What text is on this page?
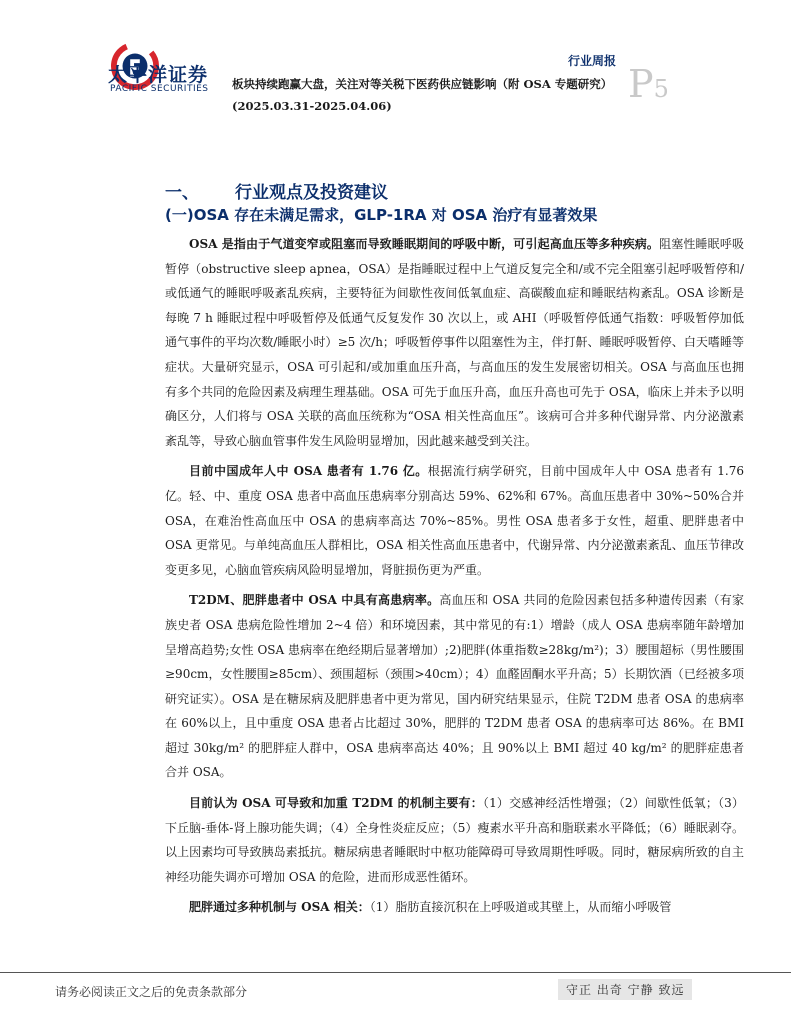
太平洋证券
PACIFIC SECURITIES
行业周报
板块持续跑赢大盘，关注对等关税下医药供应链影响（附 OSA 专题研究）(2025.03.31-2025.04.06)	P5
一、 行业观点及投资建议
(一)OSA 存在未满足需求，GLP-1RA 对 OSA 治疗有显著效果

OSA 是指由于气道变窄或阻塞而导致睡眠期间的呼吸中断，可引起高血压等多种疾病。阻塞性睡眠呼吸暂停（obstructive sleep apnea，OSA）是指睡眠过程中上气道反复完全和/或不完全阻塞引起呼吸暂停和/或低通气的睡眠呼吸紊乱疾病，主要特征为间歇性夜间低氧血症、高碳酸血症和睡眠结构紊乱。OSA 诊断是每晚 7 h 睡眠过程中呼吸暂停及低通气反复发作 30 次以上，或 AHI（呼吸暂停低通气指数：呼吸暂停加低通气事件的平均次数/睡眠小时）≥5 次/h；呼吸暂停事件以阻塞性为主，伴打鼾、睡眠呼吸暂停、白天嗜睡等症状。大量研究显示，OSA 可引起和/或加重血压升高，与高血压的发生发展密切相关。OSA 与高血压也拥有多个共同的危险因素及病理生理基础。OSA 可先于血压升高，血压升高也可先于 OSA，临床上并未予以明确区分，人们将与 OSA 关联的高血压统称为“OSA 相关性高血压”。该病可合并多种代谢异常、内分泌激素紊乱等，导致心脑血管事件发生风险明显增加，因此越来越受到关注。

目前中国成年人中 OSA 患者有 1.76 亿。根据流行病学研究，目前中国成年人中 OSA 患者有 1.76 亿。轻、中、重度 OSA 患者中高血压患病率分别高达 59%、62%和 67%。高血压患者中 30%~50%合并 OSA，在难治性高血压中 OSA 的患病率高达 70%~85%。男性 OSA 患者多于女性，超重、肥胖患者中 OSA 更常见。与单纯高血压人群相比，OSA 相关性高血压患者中，代谢异常、内分泌激素紊乱、血压节律改变更多见，心脑血管疾病风险明显增加，肾脏损伤更为严重。

T2DM、肥胖患者中 OSA 中具有高患病率。高血压和 OSA 共同的危险因素包括多种遗传因素（有家族史者 OSA 患病危险性增加 2~4 倍）和环境因素，其中常见的有:1）增龄（成人 OSA 患病率随年龄增加呈增高趋势;女性 OSA 患病率在绝经期后显著增加）;2)肥胖(体重指数≥28kg/m²)；3）腰围超标（男性腰围≥90cm，女性腰围≥85cm）、颈围超标（颈围>40cm）；4）血醛固酮水平升高；5）长期饮酒（已经被多项研究证实）。OSA 是在糖尿病及肥胖患者中更为常见，国内研究结果显示，住院 T2DM 患者 OSA 的患病率在 60%以上，且中重度 OSA 患者占比超过 30%，肥胖的 T2DM 患者 OSA 的患病率可达 86%。在 BMI 超过 30kg/m² 的肥胖症人群中，OSA 患病率高达 40%；且 90%以上 BMI 超过 40 kg/m² 的肥胖症患者合并 OSA。

目前认为 OSA 可导致和加重 T2DM 的机制主要有：（1）交感神经活性增强；（2）间歇性低氧；（3）下丘脑-垂体-肾上腺功能失调；（4）全身性炎症反应；（5）瘦素水平升高和脂联素水平降低；（6）睡眠剥夺。以上因素均可导致胰岛素抵抗。糖尿病患者睡眠时中枢功能障碍可导致周期性呼吸。同时，糖尿病所致的自主神经功能失调亦可增加 OSA 的危险，进而形成恶性循环。

肥胖通过多种机制与 OSA 相关：（1）脂肪直接沉积在上呼吸道或其壁上，从而缩小呼吸管

请务必阅读正文之后的免责条款部分	守正 出奇 宁静 致远
